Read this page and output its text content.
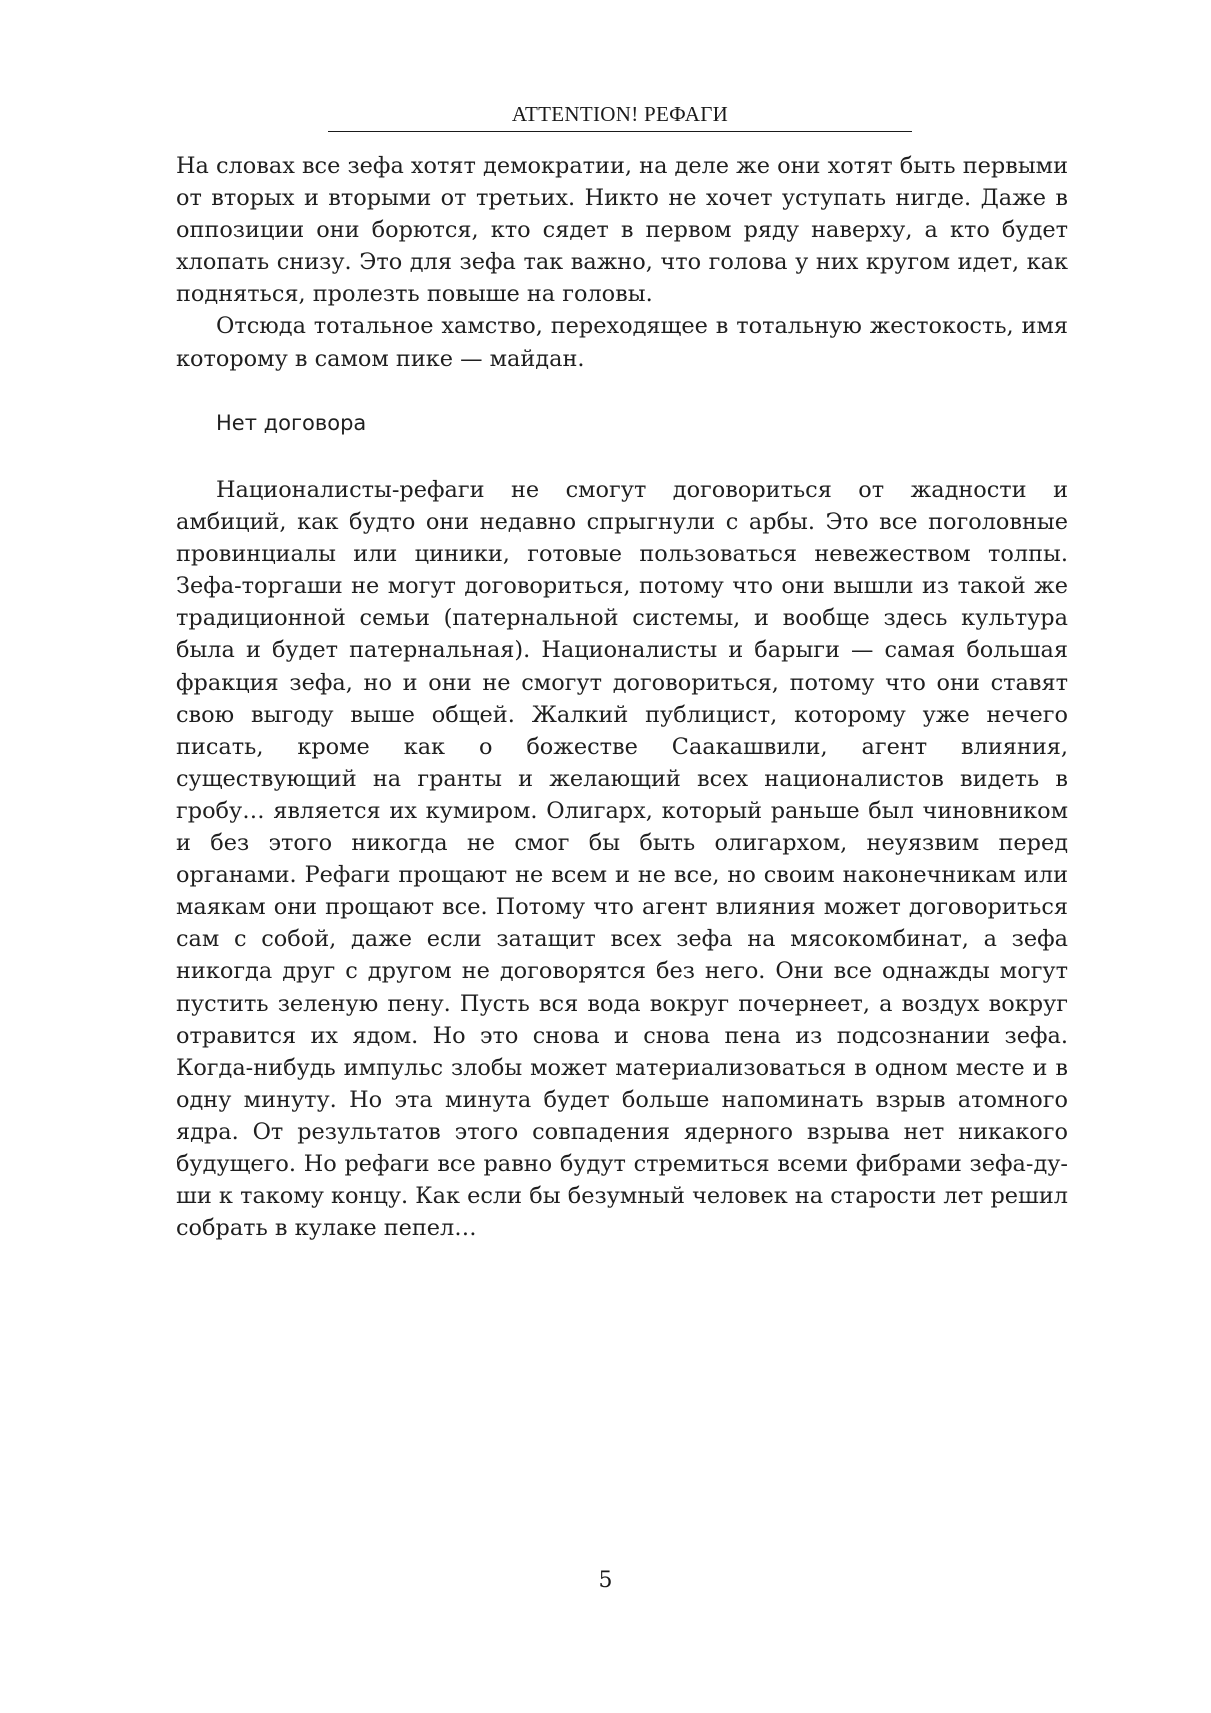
ATTENTION! РЕФАГИ

На словах все зефа хотят демократии, на деле же они хотят быть первыми от вторых и вторыми от третьих. Никто не хочет уступать нигде. Даже в оппозиции они борются, кто сядет в первом ряду наверху, а кто будет хлопать снизу. Это для зефа так важно, что голова у них кругом идет, как подняться, пролезть повыше на головы.

Отсюда тотальное хамство, переходящее в тотальную жестокость, имя которому в самом пике — майдан.

Нет договора

Националисты-рефаги не смогут договориться от жадности и амбиций, как будто они недавно спрыгнули с арбы. Это все поголовные провинциалы или циники, готовые пользоваться невежеством толпы. Зефа-торгаши не могут договориться, потому что они вышли из такой же традиционной семьи (патернальной системы, и вообще здесь культура была и будет патернальная). Националисты и барыги — самая большая фракция зефа, но и они не смогут договориться, потому что они ставят свою выгоду выше общей. Жалкий публицист, которому уже нечего писать, кроме как о божестве Саакашвили, агент влияния, существующий на гранты и желающий всех националистов видеть в гробу… является их кумиром. Олигарх, который раньше был чиновником и без этого никогда не смог бы быть олигархом, неуязвим перед органами. Рефаги прощают не всем и не все, но своим наконечникам или маякам они прощают все. Потому что агент влияния может договориться сам с собой, даже если затащит всех зефа на мясокомбинат, а зефа никогда друг с другом не договорятся без него. Они все однажды могут пустить зеленую пену. Пусть вся вода вокруг почернеет, а воздух вокруг отравится их ядом. Но это снова и снова пена из подсознании зефа. Когда-нибудь импульс злобы может материализоваться в одном месте и в одну минуту. Но эта минута будет больше напоминать взрыв атомного ядра. От результатов этого совпадения ядерного взрыва нет никакого будущего. Но рефаги все равно будут стремиться всеми фибрами зефа-души к такому концу. Как если бы безумный человек на старости лет решил собрать в кулаке пепел…

5
